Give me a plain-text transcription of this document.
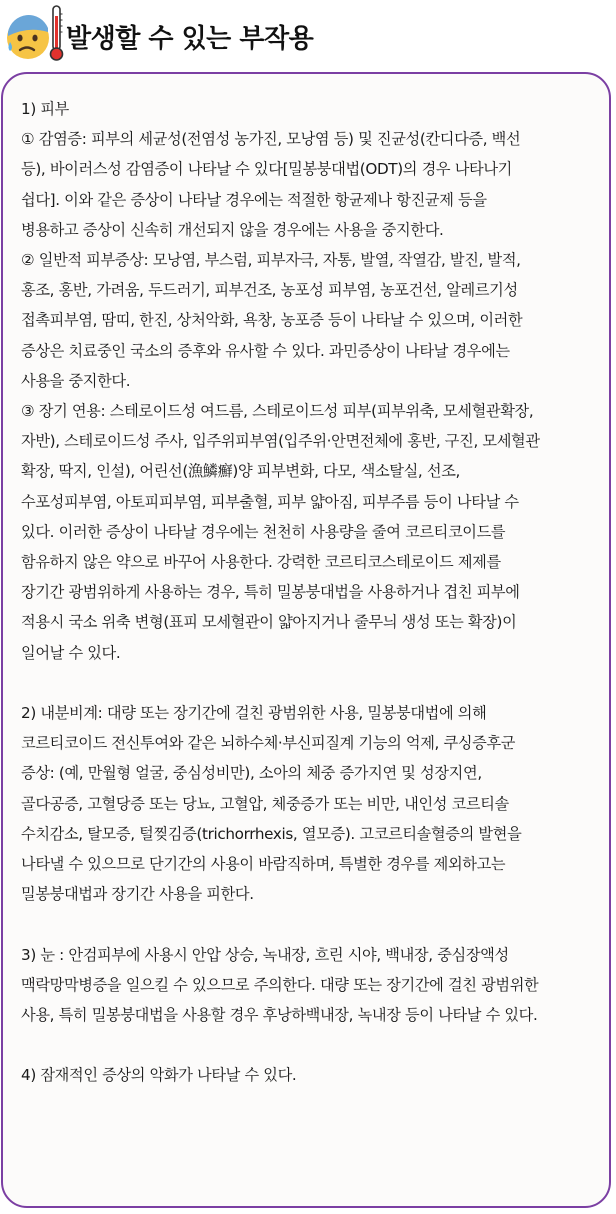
발생할 수 있는 부작용
1) 피부
① 감염증: 피부의 세균성(전염성 농가진, 모낭염 등) 및 진균성(칸디다증, 백선
등), 바이러스성 감염증이 나타날 수 있다[밀봉붕대법(ODT)의 경우 나타나기
쉽다]. 이와 같은 증상이 나타날 경우에는 적절한 항균제나 항진균제 등을
병용하고 증상이 신속히 개선되지 않을 경우에는 사용을 중지한다.
② 일반적 피부증상: 모낭염, 부스럼, 피부자극, 자통, 발열, 작열감, 발진, 발적,
홍조, 홍반, 가려움, 두드러기, 피부건조, 농포성 피부염, 농포건선, 알레르기성
접촉피부염, 땀띠, 한진, 상처악화, 욕창, 농포증 등이 나타날 수 있으며, 이러한
증상은 치료중인 국소의 증후와 유사할 수 있다. 과민증상이 나타날 경우에는
사용을 중지한다.
③ 장기 연용: 스테로이드성 여드름, 스테로이드성 피부(피부위축, 모세혈관확장,
자반), 스테로이드성 주사, 입주위피부염(입주위·안면전체에 홍반, 구진, 모세혈관
확장, 딱지, 인설), 어린선(漁鱗癬)양 피부변화, 다모, 색소탈실, 선조,
수포성피부염, 아토피피부염, 피부출혈, 피부 얇아짐, 피부주름 등이 나타날 수
있다. 이러한 증상이 나타날 경우에는 천천히 사용량을 줄여 코르티코이드를
함유하지 않은 약으로 바꾸어 사용한다. 강력한 코르티코스테로이드 제제를
장기간 광범위하게 사용하는 경우, 특히 밀봉붕대법을 사용하거나 겹친 피부에
적용시 국소 위축 변형(표피 모세혈관이 얇아지거나 줄무늬 생성 또는 확장)이
일어날 수 있다.
2) 내분비계: 대량 또는 장기간에 걸친 광범위한 사용, 밀봉붕대법에 의해
코르티코이드 전신투여와 같은 뇌하수체·부신피질계 기능의 억제, 쿠싱증후군
증상: (예, 만월형 얼굴, 중심성비만), 소아의 체중 증가지연 및 성장지연,
골다공증, 고혈당증 또는 당뇨, 고혈압, 체중증가 또는 비만, 내인성 코르티솔
수치감소, 탈모증, 털찢김증(trichorrhexis, 열모증). 고코르티솔혈증의 발현을
나타낼 수 있으므로 단기간의 사용이 바람직하며, 특별한 경우를 제외하고는
밀봉붕대법과 장기간 사용을 피한다.
3) 눈 : 안검피부에 사용시 안압 상승, 녹내장, 흐린 시야, 백내장, 중심장액성
맥락망막병증을 일으킬 수 있으므로 주의한다. 대량 또는 장기간에 걸친 광범위한
사용, 특히 밀봉붕대법을 사용할 경우 후낭하백내장, 녹내장 등이 나타날 수 있다.
4) 잠재적인 증상의 악화가 나타날 수 있다.
